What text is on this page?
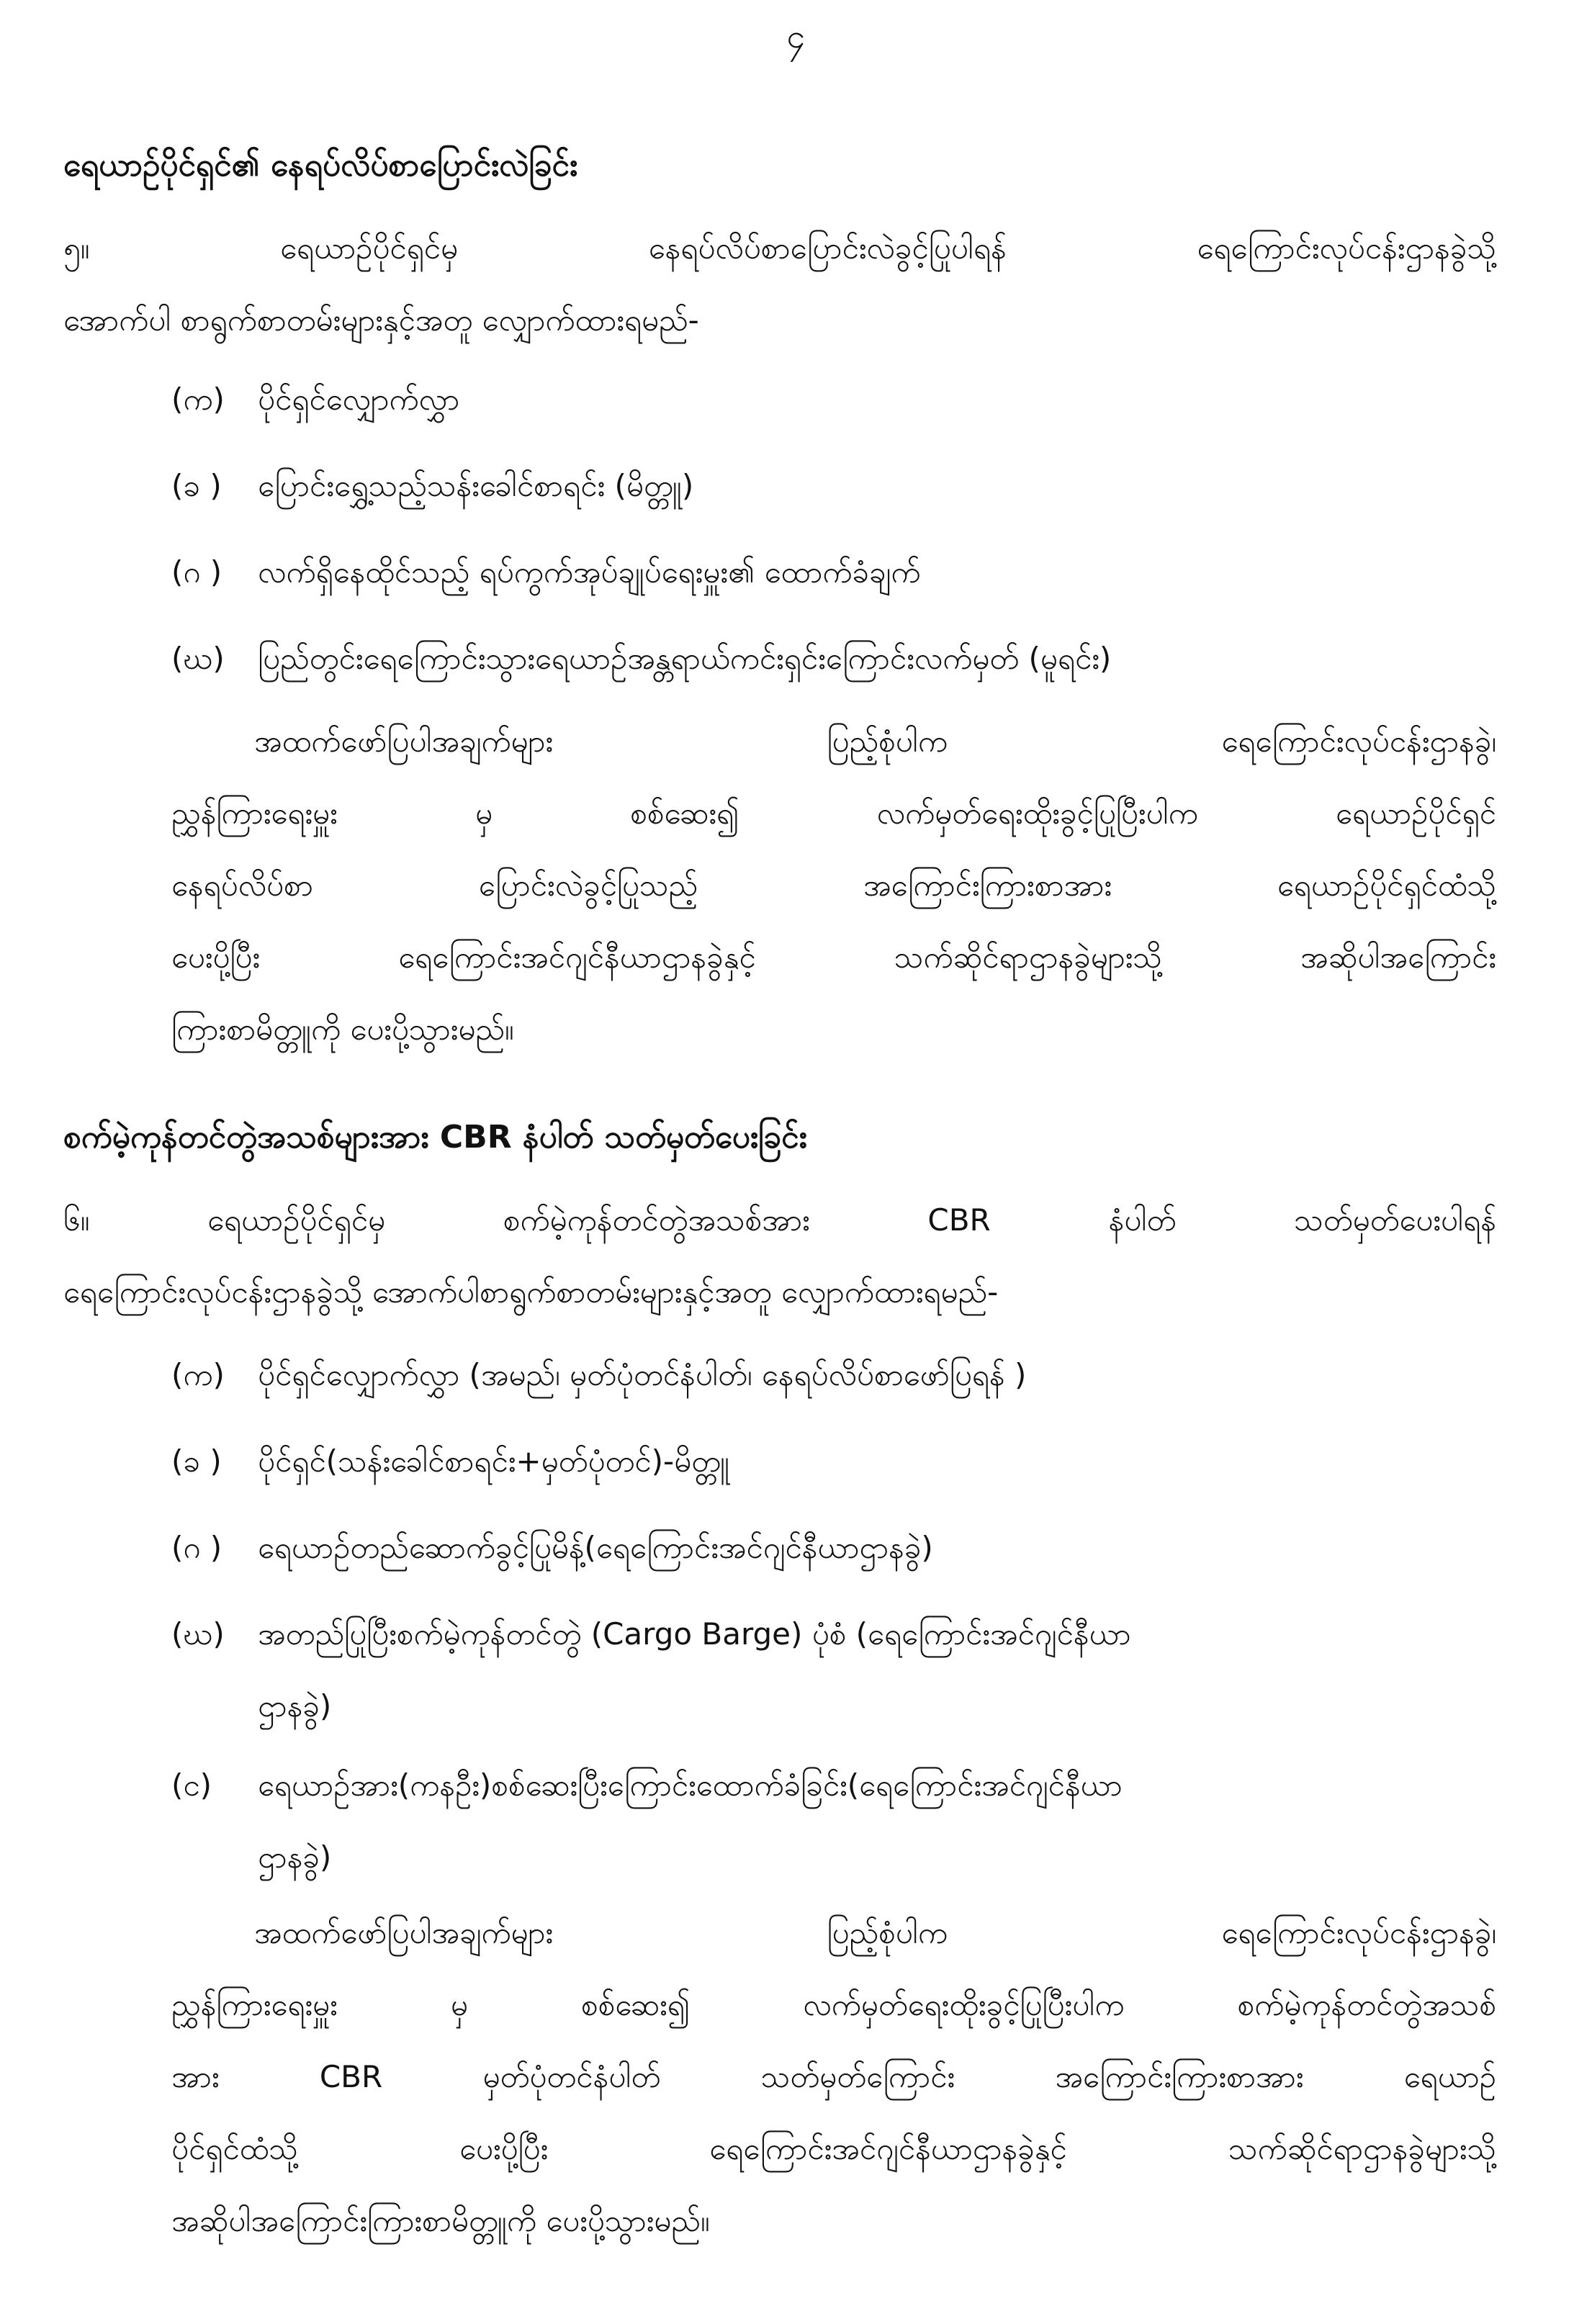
၄
ရေယာဉ်ပိုင်ရှင်၏ နေရပ်လိပ်စာပြောင်းလဲခြင်း
၅။	ရေယာဉ်ပိုင်ရှင်မှ	နေရပ်လိပ်စာပြောင်းလဲခွင့်ပြုပါရန်	ရေကြောင်းလုပ်ငန်းဌာနခွဲသို့
အောက်ပါ စာရွက်စာတမ်းများနှင့်အတူ လျှောက်ထားရမည်-
(က)	ပိုင်ရှင်လျှောက်လွှာ
(ခ )	ပြောင်းရွှေ့သည့်သန်းခေါင်စာရင်း (မိတ္တူ)
(ဂ )	လက်ရှိနေထိုင်သည့် ရပ်ကွက်အုပ်ချုပ်ရေးမှူး၏ ထောက်ခံချက်
(ဃ)	ပြည်တွင်းရေကြောင်းသွားရေယာဉ်အန္တရာယ်ကင်းရှင်းကြောင်းလက်မှတ် (မူရင်း)
အထက်ဖော်ပြပါအချက်များ	ပြည့်စုံပါက	ရေကြောင်းလုပ်ငန်းဌာနခွဲ၊
ညွှန်ကြားရေးမှူး	မှ	စစ်ဆေး၍	လက်မှတ်ရေးထိုးခွင့်ပြုပြီးပါက	ရေယာဉ်ပိုင်ရှင်
နေရပ်လိပ်စာ	ပြောင်းလဲခွင့်ပြုသည့်	အကြောင်းကြားစာအား	ရေယာဉ်ပိုင်ရှင်ထံသို့
ပေးပို့ပြီး	ရေကြောင်းအင်ဂျင်နီယာဌာနခွဲနှင့်	သက်ဆိုင်ရာဌာနခွဲများသို့	အဆိုပါအကြောင်း
ကြားစာမိတ္တူကို ပေးပို့သွားမည်။
စက်မဲ့ကုန်တင်တွဲအသစ်များအား CBR နံပါတ် သတ်မှတ်ပေးခြင်း
၆။	ရေယာဉ်ပိုင်ရှင်မှ	စက်မဲ့ကုန်တင်တွဲအသစ်အား	CBR	နံပါတ်	သတ်မှတ်ပေးပါရန်
ရေကြောင်းလုပ်ငန်းဌာနခွဲသို့ အောက်ပါစာရွက်စာတမ်းများနှင့်အတူ လျှောက်ထားရမည်-
(က)	ပိုင်ရှင်လျှောက်လွှာ (အမည်၊ မှတ်ပုံတင်နံပါတ်၊ နေရပ်လိပ်စာဖော်ပြရန် )
(ခ )	ပိုင်ရှင်(သန်းခေါင်စာရင်း+မှတ်ပုံတင်)-မိတ္တူ
(ဂ )	ရေယာဉ်တည်ဆောက်ခွင့်ပြုမိန့်(ရေကြောင်းအင်ဂျင်နီယာဌာနခွဲ)
(ဃ)	အတည်ပြုပြီးစက်မဲ့ကုန်တင်တွဲ (Cargo Barge) ပုံစံ (ရေကြောင်းအင်ဂျင်နီယာ
ဌာနခွဲ)
(င)	ရေယာဉ်အား(ကနဦး)စစ်ဆေးပြီးကြောင်းထောက်ခံခြင်း(ရေကြောင်းအင်ဂျင်နီယာ
ဌာနခွဲ)
အထက်ဖော်ပြပါအချက်များ	ပြည့်စုံပါက	ရေကြောင်းလုပ်ငန်းဌာနခွဲ၊
ညွှန်ကြားရေးမှူး	မှ	စစ်ဆေး၍	လက်မှတ်ရေးထိုးခွင့်ပြုပြီးပါက	စက်မဲ့ကုန်တင်တွဲအသစ်
အား	CBR	မှတ်ပုံတင်နံပါတ်	သတ်မှတ်ကြောင်း	အကြောင်းကြားစာအား	ရေယာဉ်
ပိုင်ရှင်ထံသို့	ပေးပို့ပြီး	ရေကြောင်းအင်ဂျင်နီယာဌာနခွဲနှင့်	သက်ဆိုင်ရာဌာနခွဲများသို့
အဆိုပါအကြောင်းကြားစာမိတ္တူကို ပေးပို့သွားမည်။
